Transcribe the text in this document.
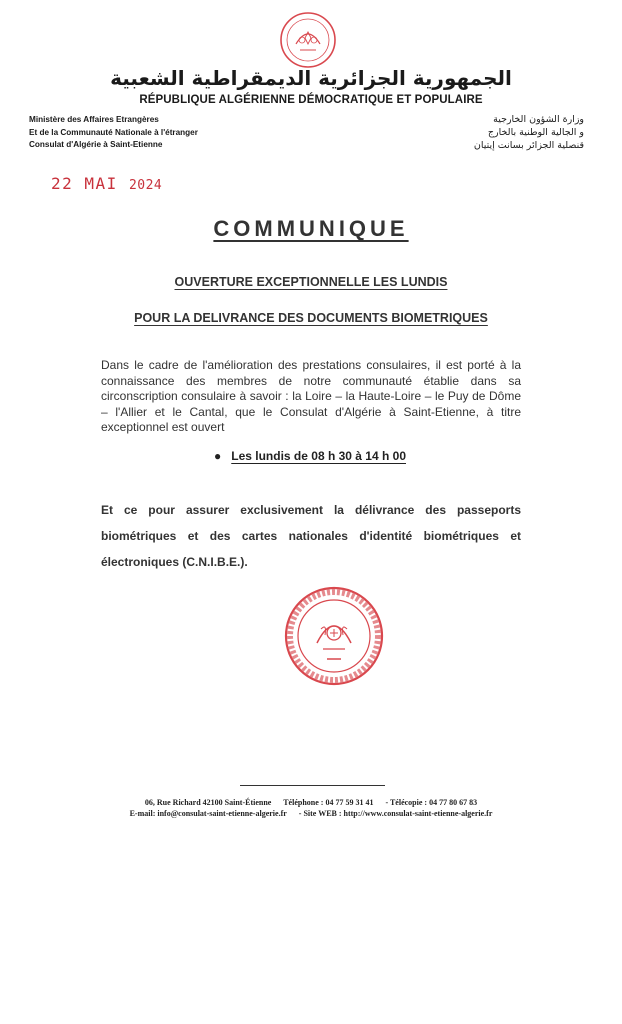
الجمهورية الجزائرية الديمقراطية الشعبية
RÉPUBLIQUE ALGÉRIENNE DÉMOCRATIQUE ET POPULAIRE
Ministère des Affaires Etrangères
Et de la Communauté Nationale à l'étranger
Consulat d'Algérie à Saint-Etienne
وزارة الشؤون الخارجية
و الجالية الوطنية بالخارج
قنصلية الجزائر بسانت إيتيان
22 MAI 2024
COMMUNIQUE
OUVERTURE EXCEPTIONNELLE LES LUNDIS
POUR LA DELIVRANCE DES DOCUMENTS BIOMETRIQUES
Dans le cadre de l'amélioration des prestations consulaires, il est porté à la connaissance des membres de notre communauté établie dans sa circonscription consulaire à savoir : la Loire – la Haute-Loire – le Puy de Dôme – l'Allier et le Cantal, que le Consulat d'Algérie à Saint-Etienne, à titre exceptionnel est ouvert
● Les lundis de 08 h 30 à 14 h 00
Et ce pour assurer exclusivement la délivrance des passeports biométriques et des cartes nationales d'identité biométriques et électroniques (C.N.I.B.E.).
06, Rue Richard 42100 Saint-Étienne Téléphone : 04 77 59 31 41 - Télécopie : 04 77 80 67 83
E-mail: info@consulat-saint-etienne-algerie.fr - Site WEB : http://www.consulat-saint-etienne-algerie.fr
